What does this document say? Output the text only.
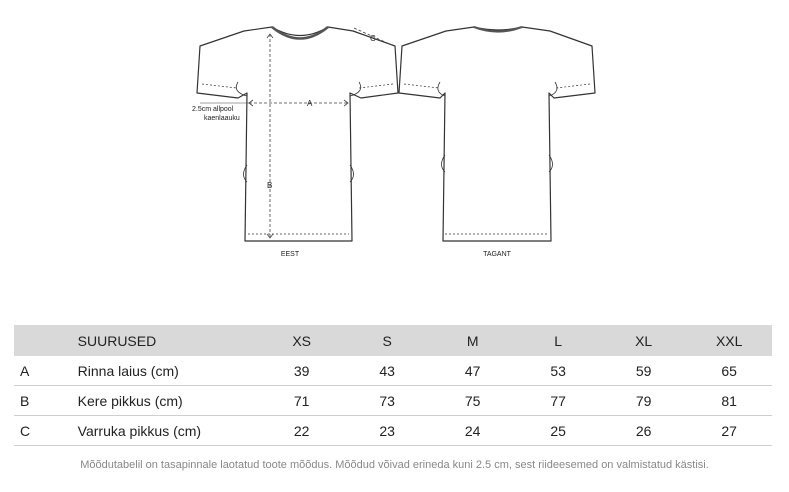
A
B
C
2.5cm allpool
kaenlaauku
EEST	TAGANT
	SUURUSED	XS	S	M	L	XL	XXL
A	Rinna laius (cm)	39	43	47	53	59	65
B	Kere pikkus (cm)	71	73	75	77	79	81
C	Varruka pikkus (cm)	22	23	24	25	26	27
Mõõdutabelil on tasapinnale laotatud toote mõõdus. Mõõdud võivad erineda kuni 2.5 cm, sest riideesemed on valmistatud kästisi.
